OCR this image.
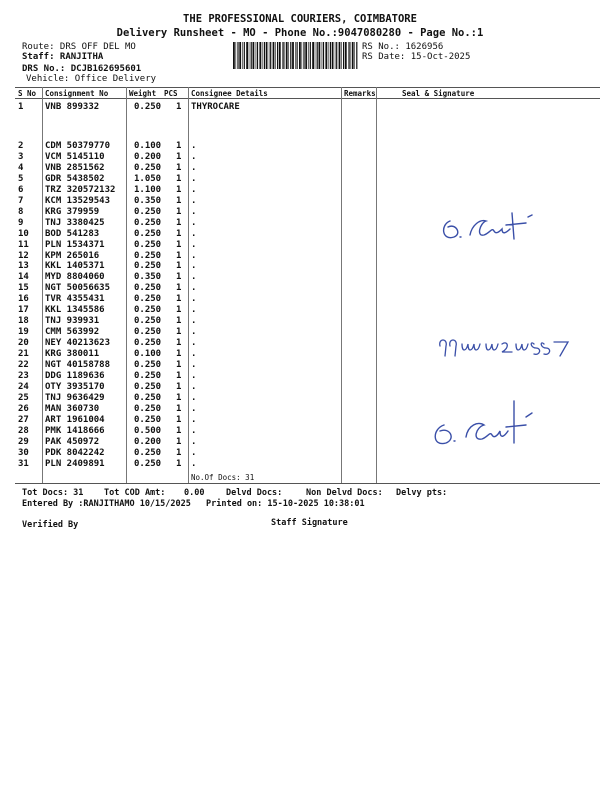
THE PROFESSIONAL COURIERS, COIMBATORE
Delivery Runsheet - MO - Phone No.:9047080280 - Page No.:1
Route: DRS OFF DEL MO
Staff: RANJITHA
DRS No.: DCJB162695601
Vehicle: Office Delivery
RS No.: 1626956
RS Date: 15-Oct-2025
S No Consignment No	Weight PCS Consignee Details	Remarks	Seal & Signature
1 VNB 899332	0.250 1 THYROCARE
2 CDM 50379770	0.100 1 .
3 VCM 5145110	0.200 1 .
4 VNB 2851562	0.250 1 .
5 GDR 5438502	1.050 1 .
6 TRZ 320572132 1.100 1 .
7 KCM 13529543	0.350 1 .
8 KRG 379959	0.250 1 .
9 TNJ 3380425	0.250 1 .
10 BOD 541283	0.250 1 .
11 PLN 1534371	0.250 1 .
12 KPM 265016	0.250 1 .
13 KKL 1405371	0.250 1 .
14 MYD 8804060	0.350 1 .
15 NGT 50056635	0.250 1 .
16 TVR 4355431	0.250 1 .
17 KKL 1345586	0.250 1 .
18 TNJ 939931	0.250 1 .
19 CMM 563992	0.250 1 .
20 NEY 40213623	0.250 1 .
21 KRG 380011	0.100 1 .
22 NGT 40158788	0.250 1 .
23 DDG 1189636	0.250 1 .
24 OTY 3935170	0.250 1 .
25 TNJ 9636429	0.250 1 .
26 MAN 360730	0.250 1 .
27 ART 1961004	0.250 1 .
28 PMK 1418666	0.500 1 .
29 PAK 450972	0.200 1 .
30 PDK 8042242	0.250 1 .
31 PLN 2409891	0.250 1 .
No.Of Docs: 31
Tot Docs: 31 Tot COD Amt: 0.00	Delvd Docs:	Non Delvd Docs: Delvy pts:
Entered By :RANJITHAMO 10/15/2025 Printed on: 15-10-2025 10:38:01
Verified By	Staff Signature
